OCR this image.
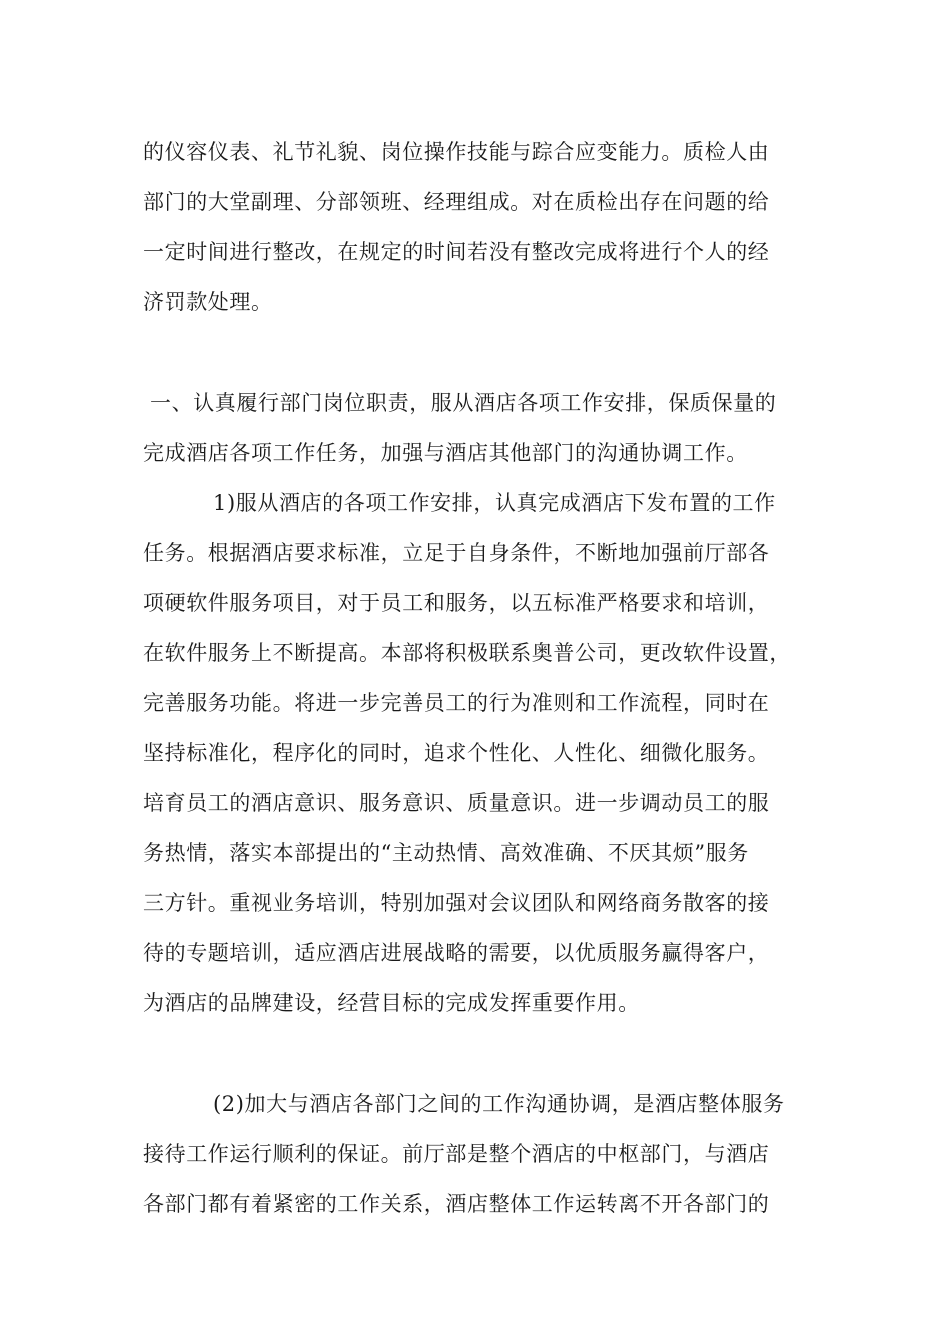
的仪容仪表、礼节礼貌、岗位操作技能与踪合应变能力。质检人由
部门的大堂副理、分部领班、经理组成。对在质检出存在问题的给
一定时间进行整改，在规定的时间若没有整改完成将进行个人的经
济罚款处理。
一、认真履行部门岗位职责，服从酒店各项工作安排，保质保量的
完成酒店各项工作任务，加强与酒店其他部门的沟通协调工作。
1)服从酒店的各项工作安排，认真完成酒店下发布置的工作
任务。根据酒店要求标准，立足于自身条件，不断地加强前厅部各
项硬软件服务项目，对于员工和服务，以五标准严格要求和培训，
在软件服务上不断提高。本部将积极联系奥普公司，更改软件设置，
完善服务功能。将进一步完善员工的行为准则和工作流程，同时在
坚持标准化，程序化的同时，追求个性化、人性化、细微化服务。
培育员工的酒店意识、服务意识、质量意识。进一步调动员工的服
务热情，落实本部提出的“主动热情、高效准确、不厌其烦”服务
三方针。重视业务培训，特别加强对会议团队和网络商务散客的接
待的专题培训，适应酒店进展战略的需要，以优质服务赢得客户，
为酒店的品牌建设，经营目标的完成发挥重要作用。
(2)加大与酒店各部门之间的工作沟通协调，是酒店整体服务
接待工作运行顺利的保证。前厅部是整个酒店的中枢部门，与酒店
各部门都有着紧密的工作关系，酒店整体工作运转离不开各部门的
